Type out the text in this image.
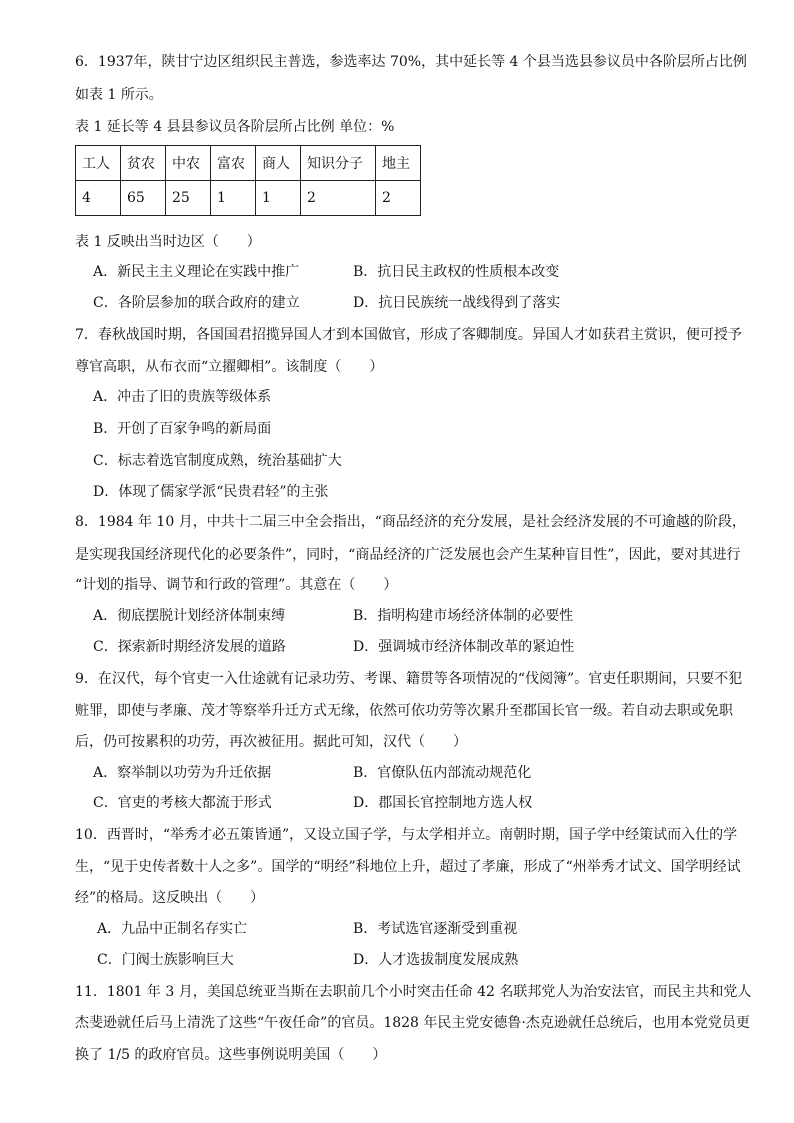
6．1937年，陕甘宁边区组织民主普选，参选率达 70%，其中延长等 4 个县当选县参议员中各阶层所占比例
如表 1 所示。
表 1 延长等 4 县县参议员各阶层所占比例 单位：%
工人	贫农	中农	富农	商人	知识分子	地主
4	65	25	1	1	2	2
表 1 反映出当时边区（　　）
A．新民主主义理论在实践中推广	B．抗日民主政权的性质根本改变
C．各阶层参加的联合政府的建立	D．抗日民族统一战线得到了落实
7．春秋战国时期，各国国君招揽异国人才到本国做官，形成了客卿制度。异国人才如获君主赏识，便可授予
尊官高职，从布衣而“立擢卿相”。该制度（　　）
A．冲击了旧的贵族等级体系
B．开创了百家争鸣的新局面
C．标志着选官制度成熟，统治基础扩大
D．体现了儒家学派“民贵君轻”的主张
8．1984 年 10 月，中共十二届三中全会指出，“商品经济的充分发展，是社会经济发展的不可逾越的阶段，
是实现我国经济现代化的必要条件”，同时，“商品经济的广泛发展也会产生某种盲目性”，因此，要对其进行
“计划的指导、调节和行政的管理”。其意在（　　）
A．彻底摆脱计划经济体制束缚	B．指明构建市场经济体制的必要性
C．探索新时期经济发展的道路	D．强调城市经济体制改革的紧迫性
9．在汉代，每个官吏一入仕途就有记录功劳、考课、籍贯等各项情况的“伐阅簿”。官吏任职期间，只要不犯
赃罪，即使与孝廉、茂才等察举升迁方式无缘，依然可依功劳等次累升至郡国长官一级。若自动去职或免职
后，仍可按累积的功劳，再次被征用。据此可知，汉代（　　）
A．察举制以功劳为升迁依据	B．官僚队伍内部流动规范化
C．官吏的考核大都流于形式	D．郡国长官控制地方选人权
10．西晋时，“举秀才必五策皆通”，又设立国子学，与太学相并立。南朝时期，国子学中经策试而入仕的学
生，“见于史传者数十人之多”。国学的“明经”科地位上升，超过了孝廉，形成了“州举秀才试文、国学明经试
经”的格局。这反映出（　　）
A．九品中正制名存实亡	B．考试选官逐渐受到重视
C．门阀士族影响巨大	D．人才选拔制度发展成熟
11．1801 年 3 月，美国总统亚当斯在去职前几个小时突击任命 42 名联邦党人为治安法官，而民主共和党人
杰斐逊就任后马上清洗了这些“午夜任命”的官员。1828 年民主党安德鲁·杰克逊就任总统后，也用本党党员更
换了 1/5 的政府官员。这些事例说明美国（　　）
